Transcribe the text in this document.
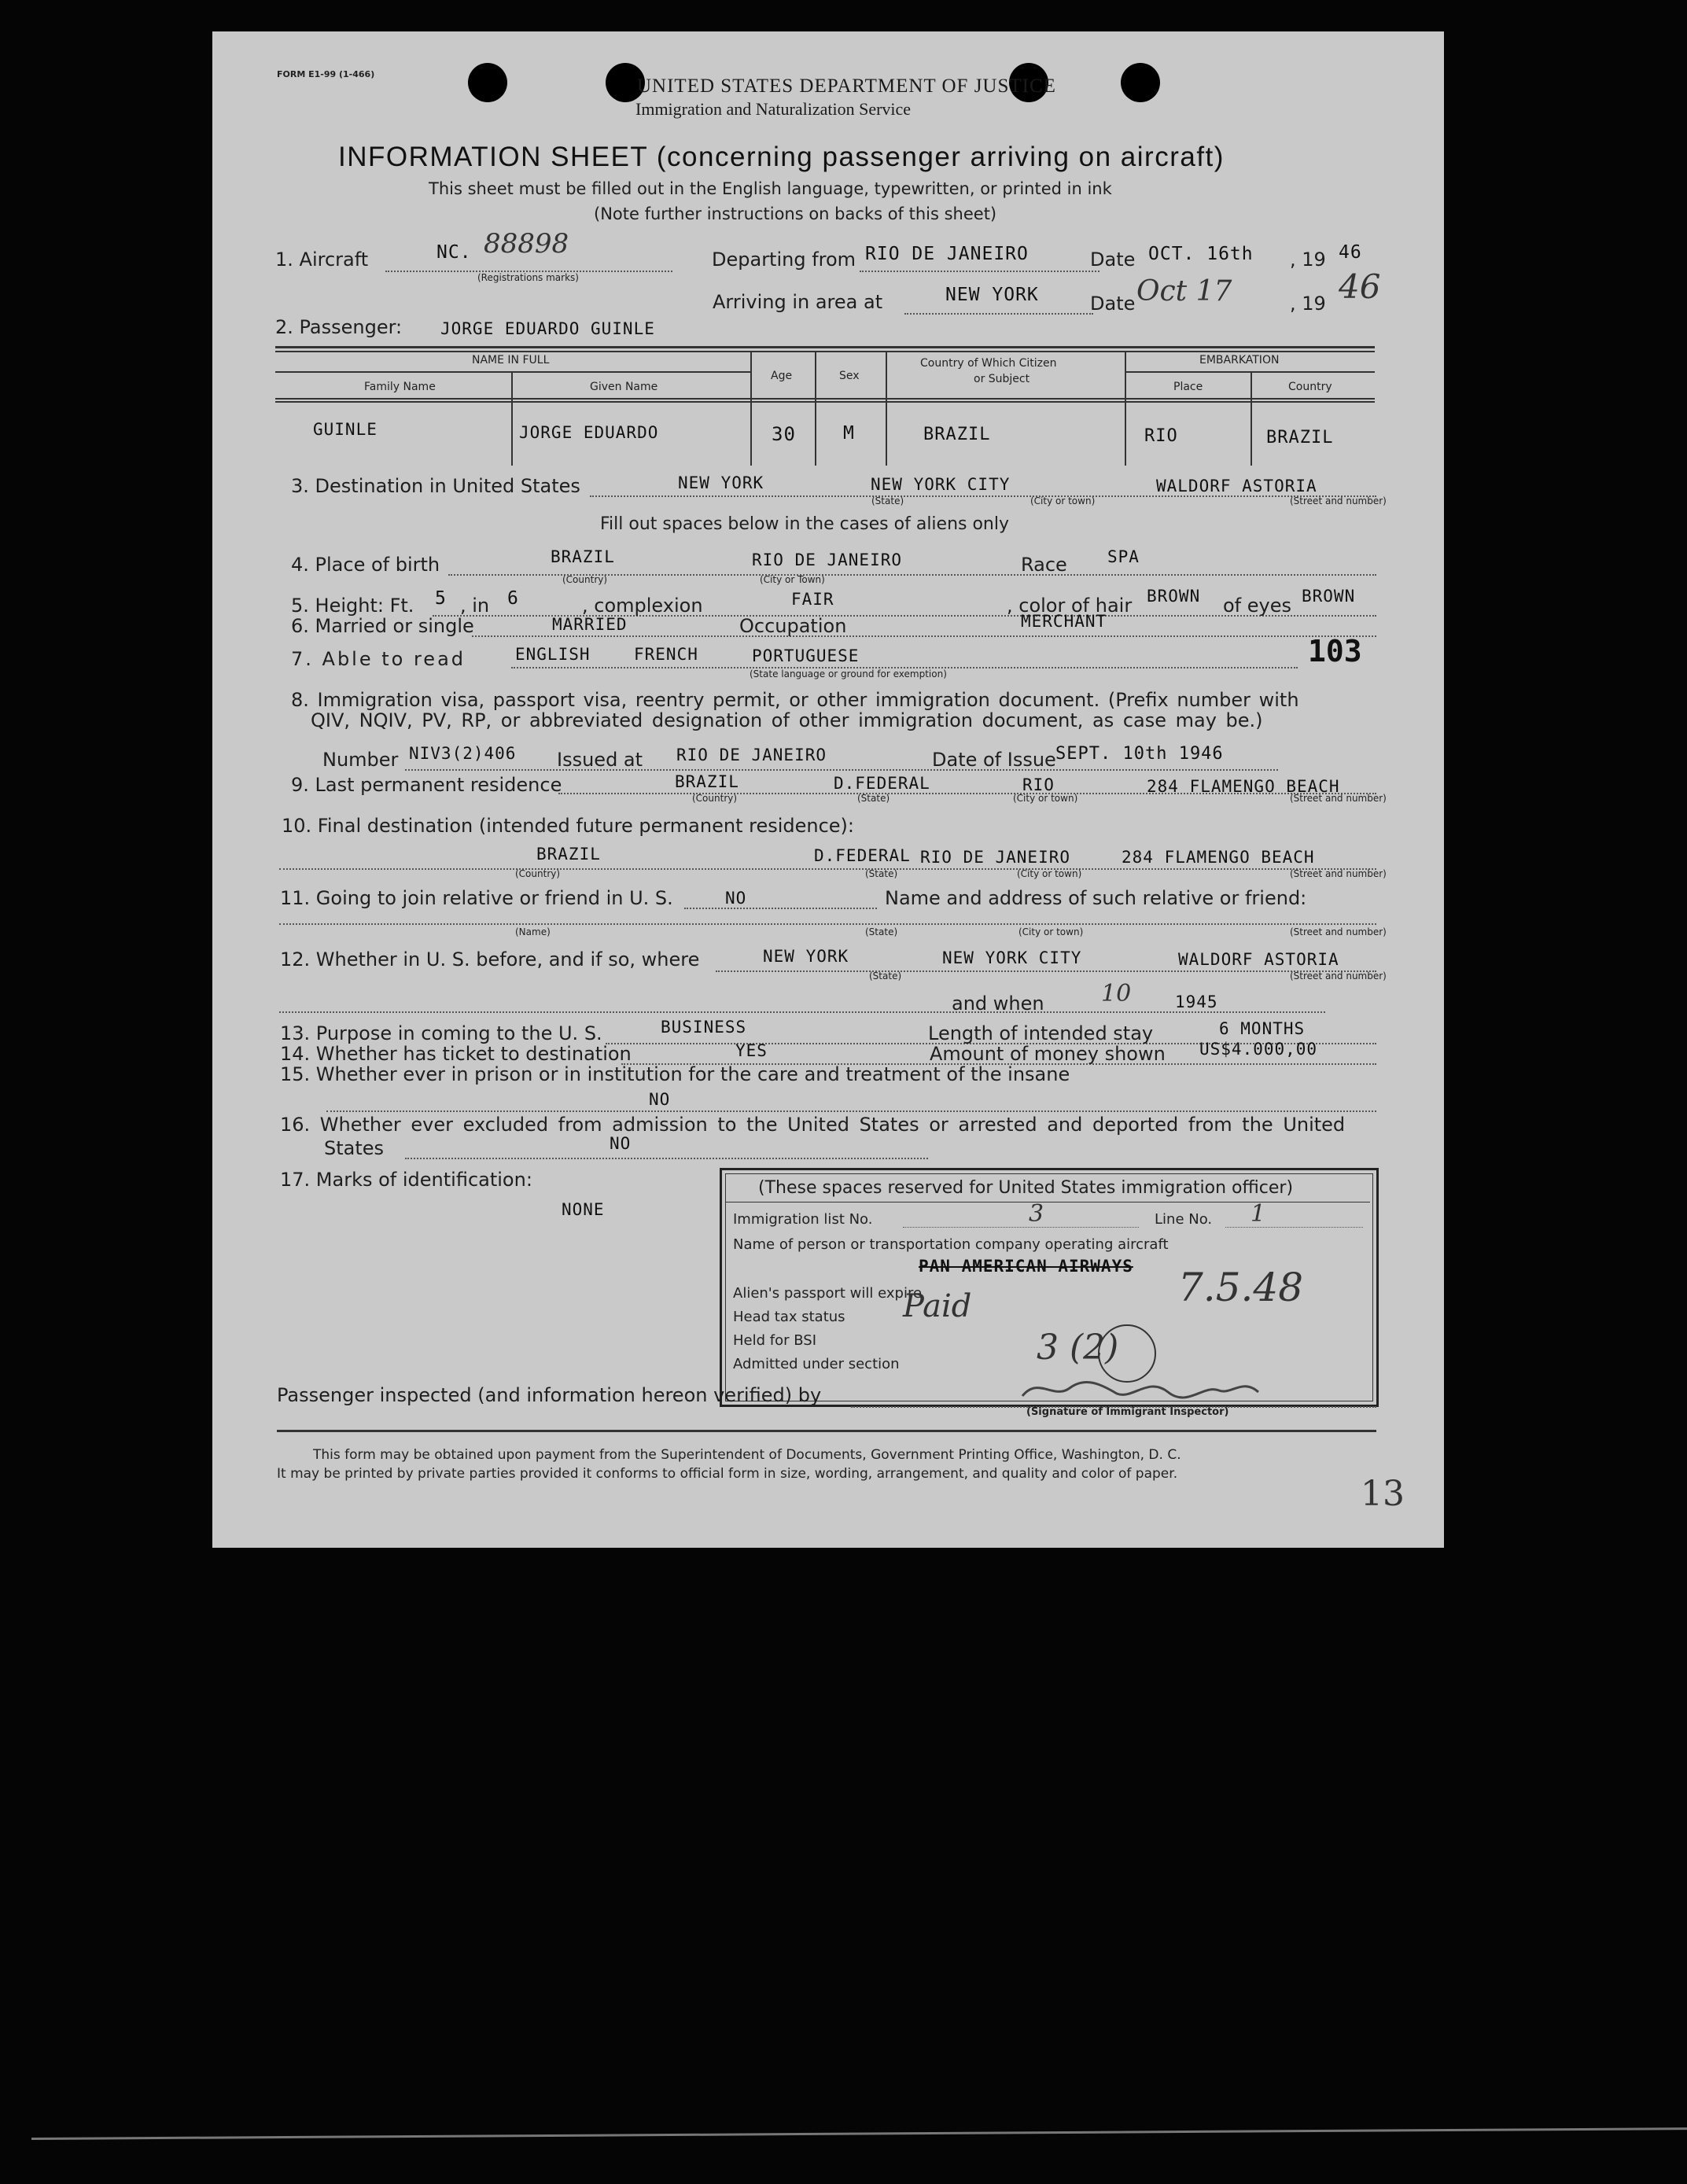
FORM E1-99 (1-466)
UNITED STATES DEPARTMENT OF JUSTICE
Immigration and Naturalization Service
INFORMATION SHEET (concerning passenger arriving on aircraft)
This sheet must be filled out in the English language, typewritten, or printed in ink
(Note further instructions on backs of this sheet)
1. Aircraft	NC. 88898
(Registrations marks)
Departing from RIO DE JANEIRO	Date OCT. 16th , 19 46
Arriving in area at	NEW YORK	Date Oct 17	, 19 46
2. Passenger: JORGE EDUARDO GUINLE
NAME IN FULL
Family Name	Given Name
Age	Sex
Country of Which Citizen
or Subject
EMBARKATION
Place	Country
GUINLE	JORGE EDUARDO	30	M	BRAZIL	RIO	BRAZIL
3. Destination in United States	NEW YORK	NEW YORK CITY	WALDORF ASTORIA
(State)	(City or town)	(Street and number)
Fill out spaces below in the cases of aliens only
4. Place of birth	BRAZIL	RIO DE JANEIRO	Race SPA
(Country)	(City or Town)
5. Height: Ft. 5 , in 6	, complexion	FAIR	, color of hair BROWN of eyes BROWN
6. Married or single	MARRIED	Occupation	MERCHANT
7. Able to read	ENGLISH	FRENCH	PORTUGUESE
(State language or ground for exemption)
103
8. Immigration visa, passport visa, reentry permit, or other immigration document. (Prefix number with
QIV, NQIV, PV, RP, or abbreviated designation of other immigration document, as case may be.)
Number NIV3(2)406 Issued at RIO DE JANEIRO	Date of Issue SEPT. 10th 1946
9. Last permanent residence	BRAZIL	D.FEDERAL	RIO	284 FLAMENGO BEACH
(Country)	(State)	(City or town)	(Street and number)
10. Final destination (intended future permanent residence):
BRAZIL	D.FEDERAL RIO DE JANEIRO	284 FLAMENGO BEACH
(Country)	(State)	(City or town)	(Street and number)
11. Going to join relative or friend in U. S.	NO	Name and address of such relative or friend:
(Name)	(State)	(City or town)	(Street and number)
12. Whether in U. S. before, and if so, where	NEW YORK	NEW YORK CITY	WALDORF ASTORIA
(State)	(Street and number)
and when 10	1945
13. Purpose in coming to the U. S.	BUSINESS	Length of intended stay	6 MONTHS
14. Whether has ticket to destination	YES	Amount of money shown US$4.000,00
15. Whether ever in prison or in institution for the care and treatment of the insane
NO
16. Whether ever excluded from admission to the United States or arrested and deported from the United
States	NO
17. Marks of identification:
NONE
(These spaces reserved for United States immigration officer)
Immigration list No.	3	Line No. 1
Name of person or transportation company operating aircraft
PAN AMERICAN AIRWAYS
Alien's passport will expire	7.5.48
Head tax status Paid
Held for BSI
Admitted under section	3 (2)
Passenger inspected (and information hereon verified) by
(Signature of Immigrant Inspector)
This form may be obtained upon payment from the Superintendent of Documents, Government Printing Office, Washington, D. C.
It may be printed by private parties provided it conforms to official form in size, wording, arrangement, and quality and color of paper.	13
